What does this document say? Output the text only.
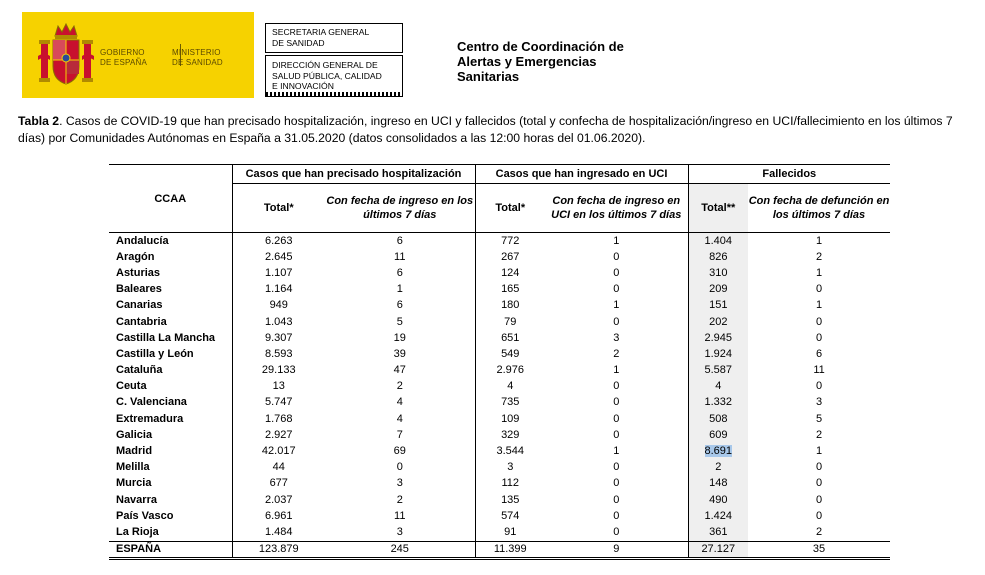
GOBIERNO
DE ESPAÑA
MINISTERIO
DE SANIDAD
SECRETARIA GENERAL
DE SANIDAD
DIRECCIÓN GENERAL DE
SALUD PÚBLICA, CALIDAD
E INNOVACIÓN
Centro de Coordinación de
Alertas y Emergencias
Sanitarias
Tabla 2. Casos de COVID-19 que han precisado hospitalización, ingreso en UCI y fallecidos (total y confecha de hospitalización/ingreso en UCI/fallecimiento en los últimos 7 días) por Comunidades Autónomas en España a 31.05.2020 (datos consolidados a las 12:00 horas del 01.06.2020).
CCAA	Casos que han precisado hospitalización		Casos que han ingresado en UCI		Fallecidos	
	Total*	Con fecha de ingreso en los últimos 7 días	Total*	Con fecha de ingreso en UCI en los últimos 7 días	Total**	Con fecha de defunción en los últimos 7 días
Andalucía	6.263	6	772	1	1.404	1
Aragón	2.645	11	267	0	826	2
Asturias	1.107	6	124	0	310	1
Baleares	1.164	1	165	0	209	0
Canarias	949	6	180	1	151	1
Cantabria	1.043	5	79	0	202	0
Castilla La Mancha	9.307	19	651	3	2.945	0
Castilla y León	8.593	39	549	2	1.924	6
Cataluña	29.133	47	2.976	1	5.587	11
Ceuta	13	2	4	0	4	0
C. Valenciana	5.747	4	735	0	1.332	3
Extremadura	1.768	4	109	0	508	5
Galicia	2.927	7	329	0	609	2
Madrid	42.017	69	3.544	1	8.691	1
Melilla	44	0	3	0	2	0
Murcia	677	3	112	0	148	0
Navarra	2.037	2	135	0	490	0
País Vasco	6.961	11	574	0	1.424	0
La Rioja	1.484	3	91	0	361	2
ESPAÑA	123.879	245	11.399	9	27.127	35
